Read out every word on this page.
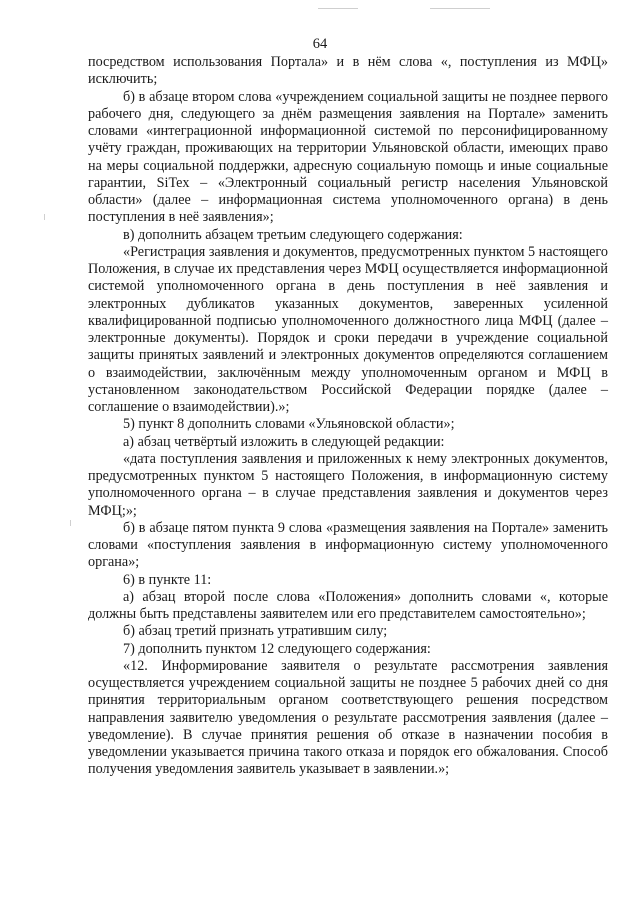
64

посредством использования Портала» и в нём слова «, поступления из МФЦ» исключить;

б) в абзаце втором слова «учреждением социальной защиты не позднее первого рабочего дня, следующего за днём размещения заявления на Портале» заменить словами «интеграционной информационной системой по персонифицированному учёту граждан, проживающих на территории Ульяновской области, имеющих право на меры социальной поддержки, адресную социальную помощь и иные социальные гарантии, SiTex – «Электронный социальный регистр населения Ульяновской области» (далее – информационная система уполномоченного органа) в день поступления в неё заявления»;

в) дополнить абзацем третьим следующего содержания:

«Регистрация заявления и документов, предусмотренных пунктом 5 настоящего Положения, в случае их представления через МФЦ осуществляется информационной системой уполномоченного органа в день поступления в неё заявления и электронных дубликатов указанных документов, заверенных усиленной квалифицированной подписью уполномоченного должностного лица МФЦ (далее – электронные документы). Порядок и сроки передачи в учреждение социальной защиты принятых заявлений и электронных документов определяются соглашением о взаимодействии, заключённым между уполномоченным органом и МФЦ в установленном законодательством Российской Федерации порядке (далее – соглашение о взаимодействии).»;

5) пункт 8 дополнить словами «Ульяновской области»;

а) абзац четвёртый изложить в следующей редакции:

«дата поступления заявления и приложенных к нему электронных документов, предусмотренных пунктом 5 настоящего Положения, в информационную систему уполномоченного органа – в случае представления заявления и документов через МФЦ;»;

б) в абзаце пятом пункта 9 слова «размещения заявления на Портале» заменить словами «поступления заявления в информационную систему уполномоченного органа»;

6) в пункте 11:

а) абзац второй после слова «Положения» дополнить словами «, которые должны быть представлены заявителем или его представителем самостоятельно»;

б) абзац третий признать утратившим силу;

7) дополнить пунктом 12 следующего содержания:

«12. Информирование заявителя о результате рассмотрения заявления осуществляется учреждением социальной защиты не позднее 5 рабочих дней со дня принятия территориальным органом соответствующего решения посредством направления заявителю уведомления о результате рассмотрения заявления (далее – уведомление). В случае принятия решения об отказе в назначении пособия в уведомлении указывается причина такого отказа и порядок его обжалования. Способ получения уведомления заявитель указывает в заявлении.»;
